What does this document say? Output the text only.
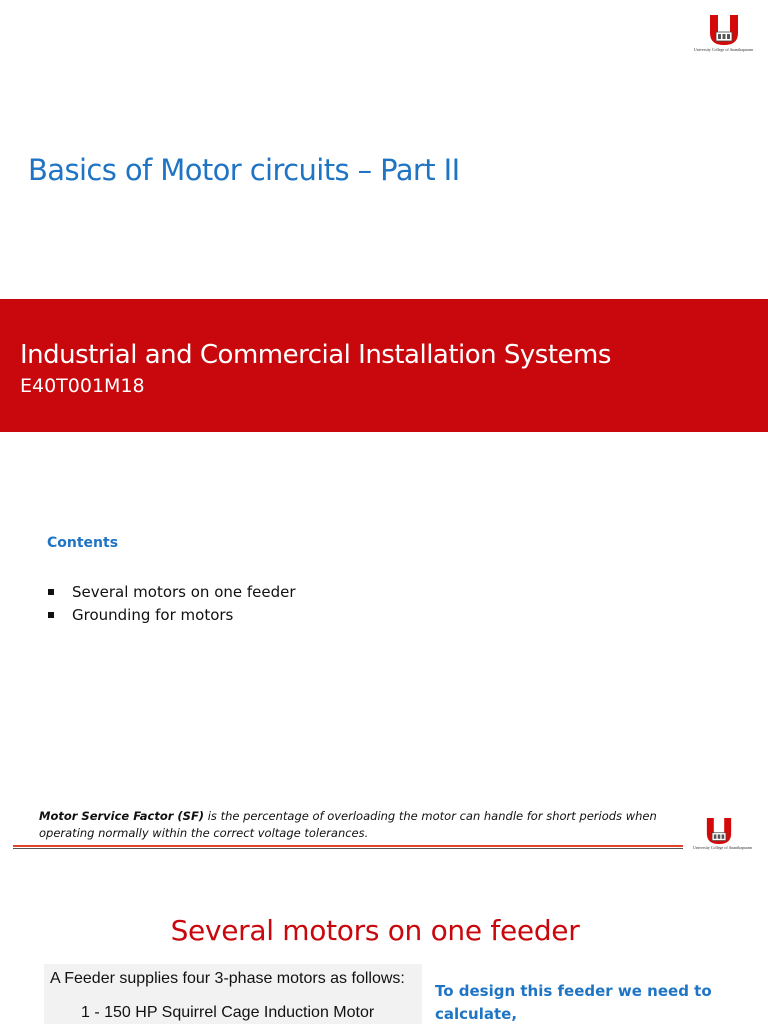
University College of Ananthapuram
Basics of Motor circuits – Part II
Industrial and Commercial Installation Systems
E40T001M18
Contents
Several motors on one feeder
Grounding for motors
Motor Service Factor (SF) is the percentage of overloading the motor can handle for short periods when operating normally within the correct voltage tolerances.
University College of Ananthapuram
Several motors on one feeder
A Feeder supplies four 3-phase motors as follows:
1 - 150 HP Squirrel Cage Induction Motor
To design this feeder we need to calculate,
